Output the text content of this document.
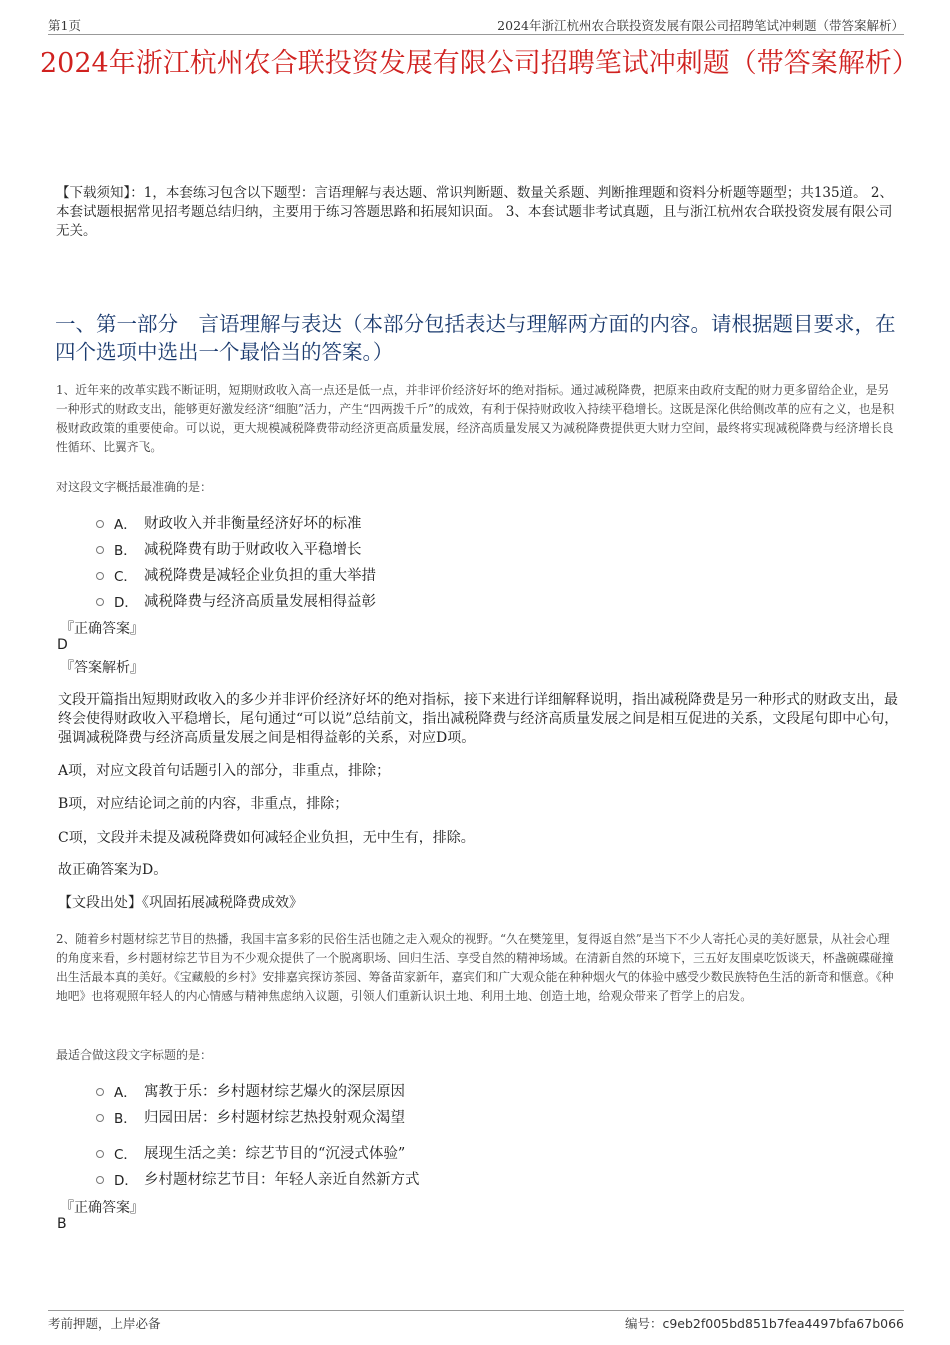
第1页	2024年浙江杭州农合联投资发展有限公司招聘笔试冲刺题（带答案解析）
2024年浙江杭州农合联投资发展有限公司招聘笔试冲刺题（带答案解析）
【下载须知】：1，本套练习包含以下题型：言语理解与表达题、常识判断题、数量关系题、判断推理题和资料分析题等题型；共135道。 2、本套试题根据常见招考题总结归纳，主要用于练习答题思路和拓展知识面。 3、本套试题非考试真题，且与浙江杭州农合联投资发展有限公司无关。
一、第一部分　言语理解与表达（本部分包括表达与理解两方面的内容。请根据题目要求，在四个选项中选出一个最恰当的答案。）
1、近年来的改革实践不断证明，短期财政收入高一点还是低一点，并非评价经济好坏的绝对指标。通过减税降费，把原来由政府支配的财力更多留给企业，是另一种形式的财政支出，能够更好激发经济“细胞”活力，产生“四两拨千斤”的成效，有利于保持财政收入持续平稳增长。这既是深化供给侧改革的应有之义，也是积极财政政策的重要使命。可以说，更大规模减税降费带动经济更高质量发展，经济高质量发展又为减税降费提供更大财力空间，最终将实现减税降费与经济增长良性循环、比翼齐飞。
对这段文字概括最准确的是：
A． 财政收入并非衡量经济好坏的标准
B． 减税降费有助于财政收入平稳增长
C． 减税降费是减轻企业负担的重大举措
D． 减税降费与经济高质量发展相得益彰
『正确答案』
D
『答案解析』
文段开篇指出短期财政收入的多少并非评价经济好坏的绝对指标，接下来进行详细解释说明，指出减税降费是另一种形式的财政支出，最终会使得财政收入平稳增长，尾句通过“可以说”总结前文，指出减税降费与经济高质量发展之间是相互促进的关系，文段尾句即中心句，强调减税降费与经济高质量发展之间是相得益彰的关系，对应D项。
A项，对应文段首句话题引入的部分，非重点，排除；
B项，对应结论词之前的内容，非重点，排除；
C项，文段并未提及减税降费如何减轻企业负担，无中生有，排除。
故正确答案为D。
【文段出处】《巩固拓展减税降费成效》
2、随着乡村题材综艺节目的热播，我国丰富多彩的民俗生活也随之走入观众的视野。“久在樊笼里，复得返自然”是当下不少人寄托心灵的美好愿景，从社会心理的角度来看，乡村题材综艺节目为不少观众提供了一个脱离职场、回归生活、享受自然的精神场域。在清新自然的环境下，三五好友围桌吃饭谈天，杯盏碗碟碰撞出生活最本真的美好。《宝藏般的乡村》安排嘉宾探访茶园、筹备苗家新年，嘉宾们和广大观众能在种种烟火气的体验中感受少数民族特色生活的新奇和惬意。《种地吧》也将观照年轻人的内心情感与精神焦虑纳入议题，引领人们重新认识土地、利用土地、创造土地，给观众带来了哲学上的启发。
最适合做这段文字标题的是：
A． 寓教于乐：乡村题材综艺爆火的深层原因
B． 归园田居：乡村题材综艺热投射观众渴望
C． 展现生活之美：综艺节目的“沉浸式体验”
D． 乡村题材综艺节目：年轻人亲近自然新方式
『正确答案』
B
考前押题，上岸必备	编号：c9eb2f005bd851b7fea4497bfa67b066
